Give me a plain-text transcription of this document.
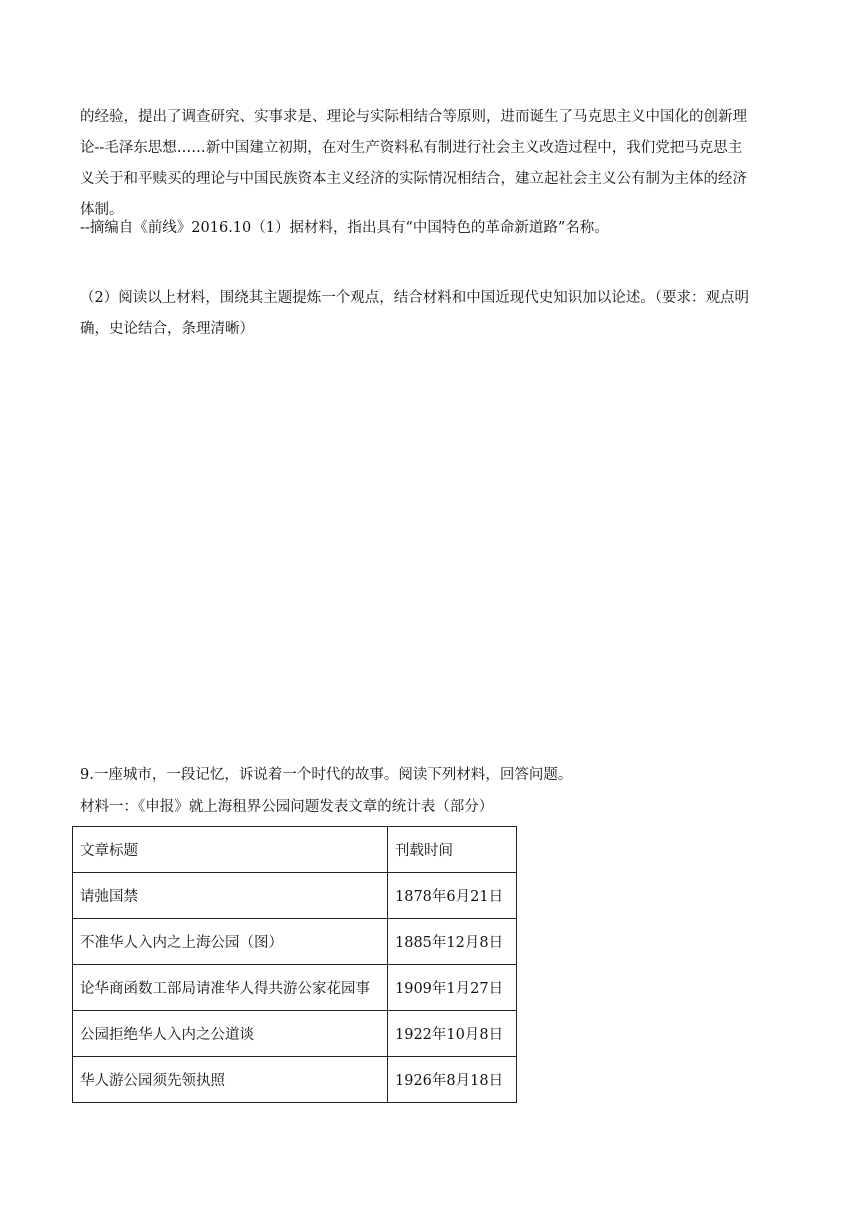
的经验，提出了调查研究、实事求是、理论与实际相结合等原则，进而诞生了马克思主义中国化的创新理
论--毛泽东思想……新中国建立初期，在对生产资料私有制进行社会主义改造过程中，我们党把马克思主
义关于和平赎买的理论与中国民族资本主义经济的实际情况相结合，建立起社会主义公有制为主体的经济
体制。
--摘编自《前线》2016.10（1）据材料，指出具有“中国特色的革命新道路”名称。
（2）阅读以上材料，围绕其主题提炼一个观点，结合材料和中国近现代史知识加以论述。（要求：观点明
确，史论结合，条理清晰）
9.一座城市，一段记忆，诉说着一个时代的故事。阅读下列材料，回答问题。
材料一：《申报》就上海租界公园问题发表文章的统计表（部分）
文章标题	刊载时间
请弛国禁	1878年6月21日
不准华人入内之上海公园（图）	1885年12月8日
论华商函数工部局请准华人得共游公家花园事	1909年1月27日
公园拒绝华人入内之公道谈	1922年10月8日
华人游公园须先领执照	1926年8月18日
